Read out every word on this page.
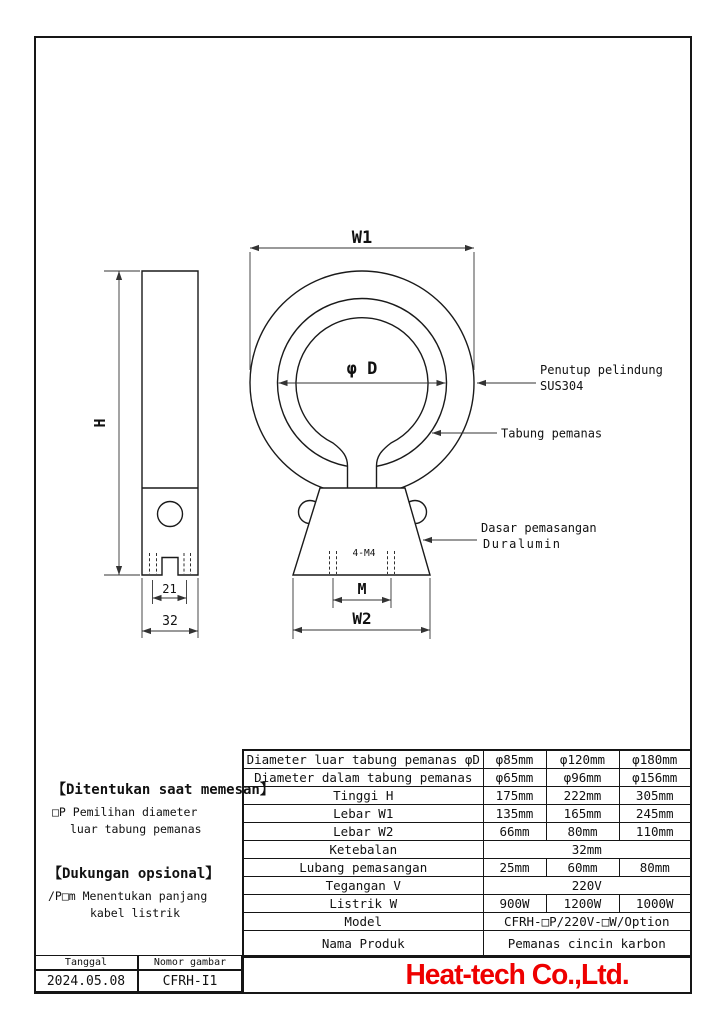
H
21
32
4-M4
W1
φ D
M
W2
Penutup pelindung
SUS304
Tabung pemanas
Dasar pemasangan
Duralumin
【Ditentukan saat memesan】
□P Pemilihan diameter
luar tabung pemanas
【Dukungan opsional】
/P□m Menentukan panjang
kabel listrik
Diameter luar tabung pemanas φD	φ85mm	φ120mm	φ180mm
Diameter dalam tabung pemanas	φ65mm	φ96mm	φ156mm
Tinggi H	175mm	222mm	305mm
Lebar W1	135mm	165mm	245mm
Lebar W2	66mm	80mm	110mm
Ketebalan	32mm		
Lubang pemasangan	25mm	60mm	80mm
Tegangan V	220V		
Listrik W	900W	1200W	1000W
Model	CFRH-□P/220V-□W/Option		
Nama Produk	Pemanas cincin karbon		
Tanggal	Nomor gambar
2024.05.08	CFRH-I1	Heat-tech Co.,Ltd.
